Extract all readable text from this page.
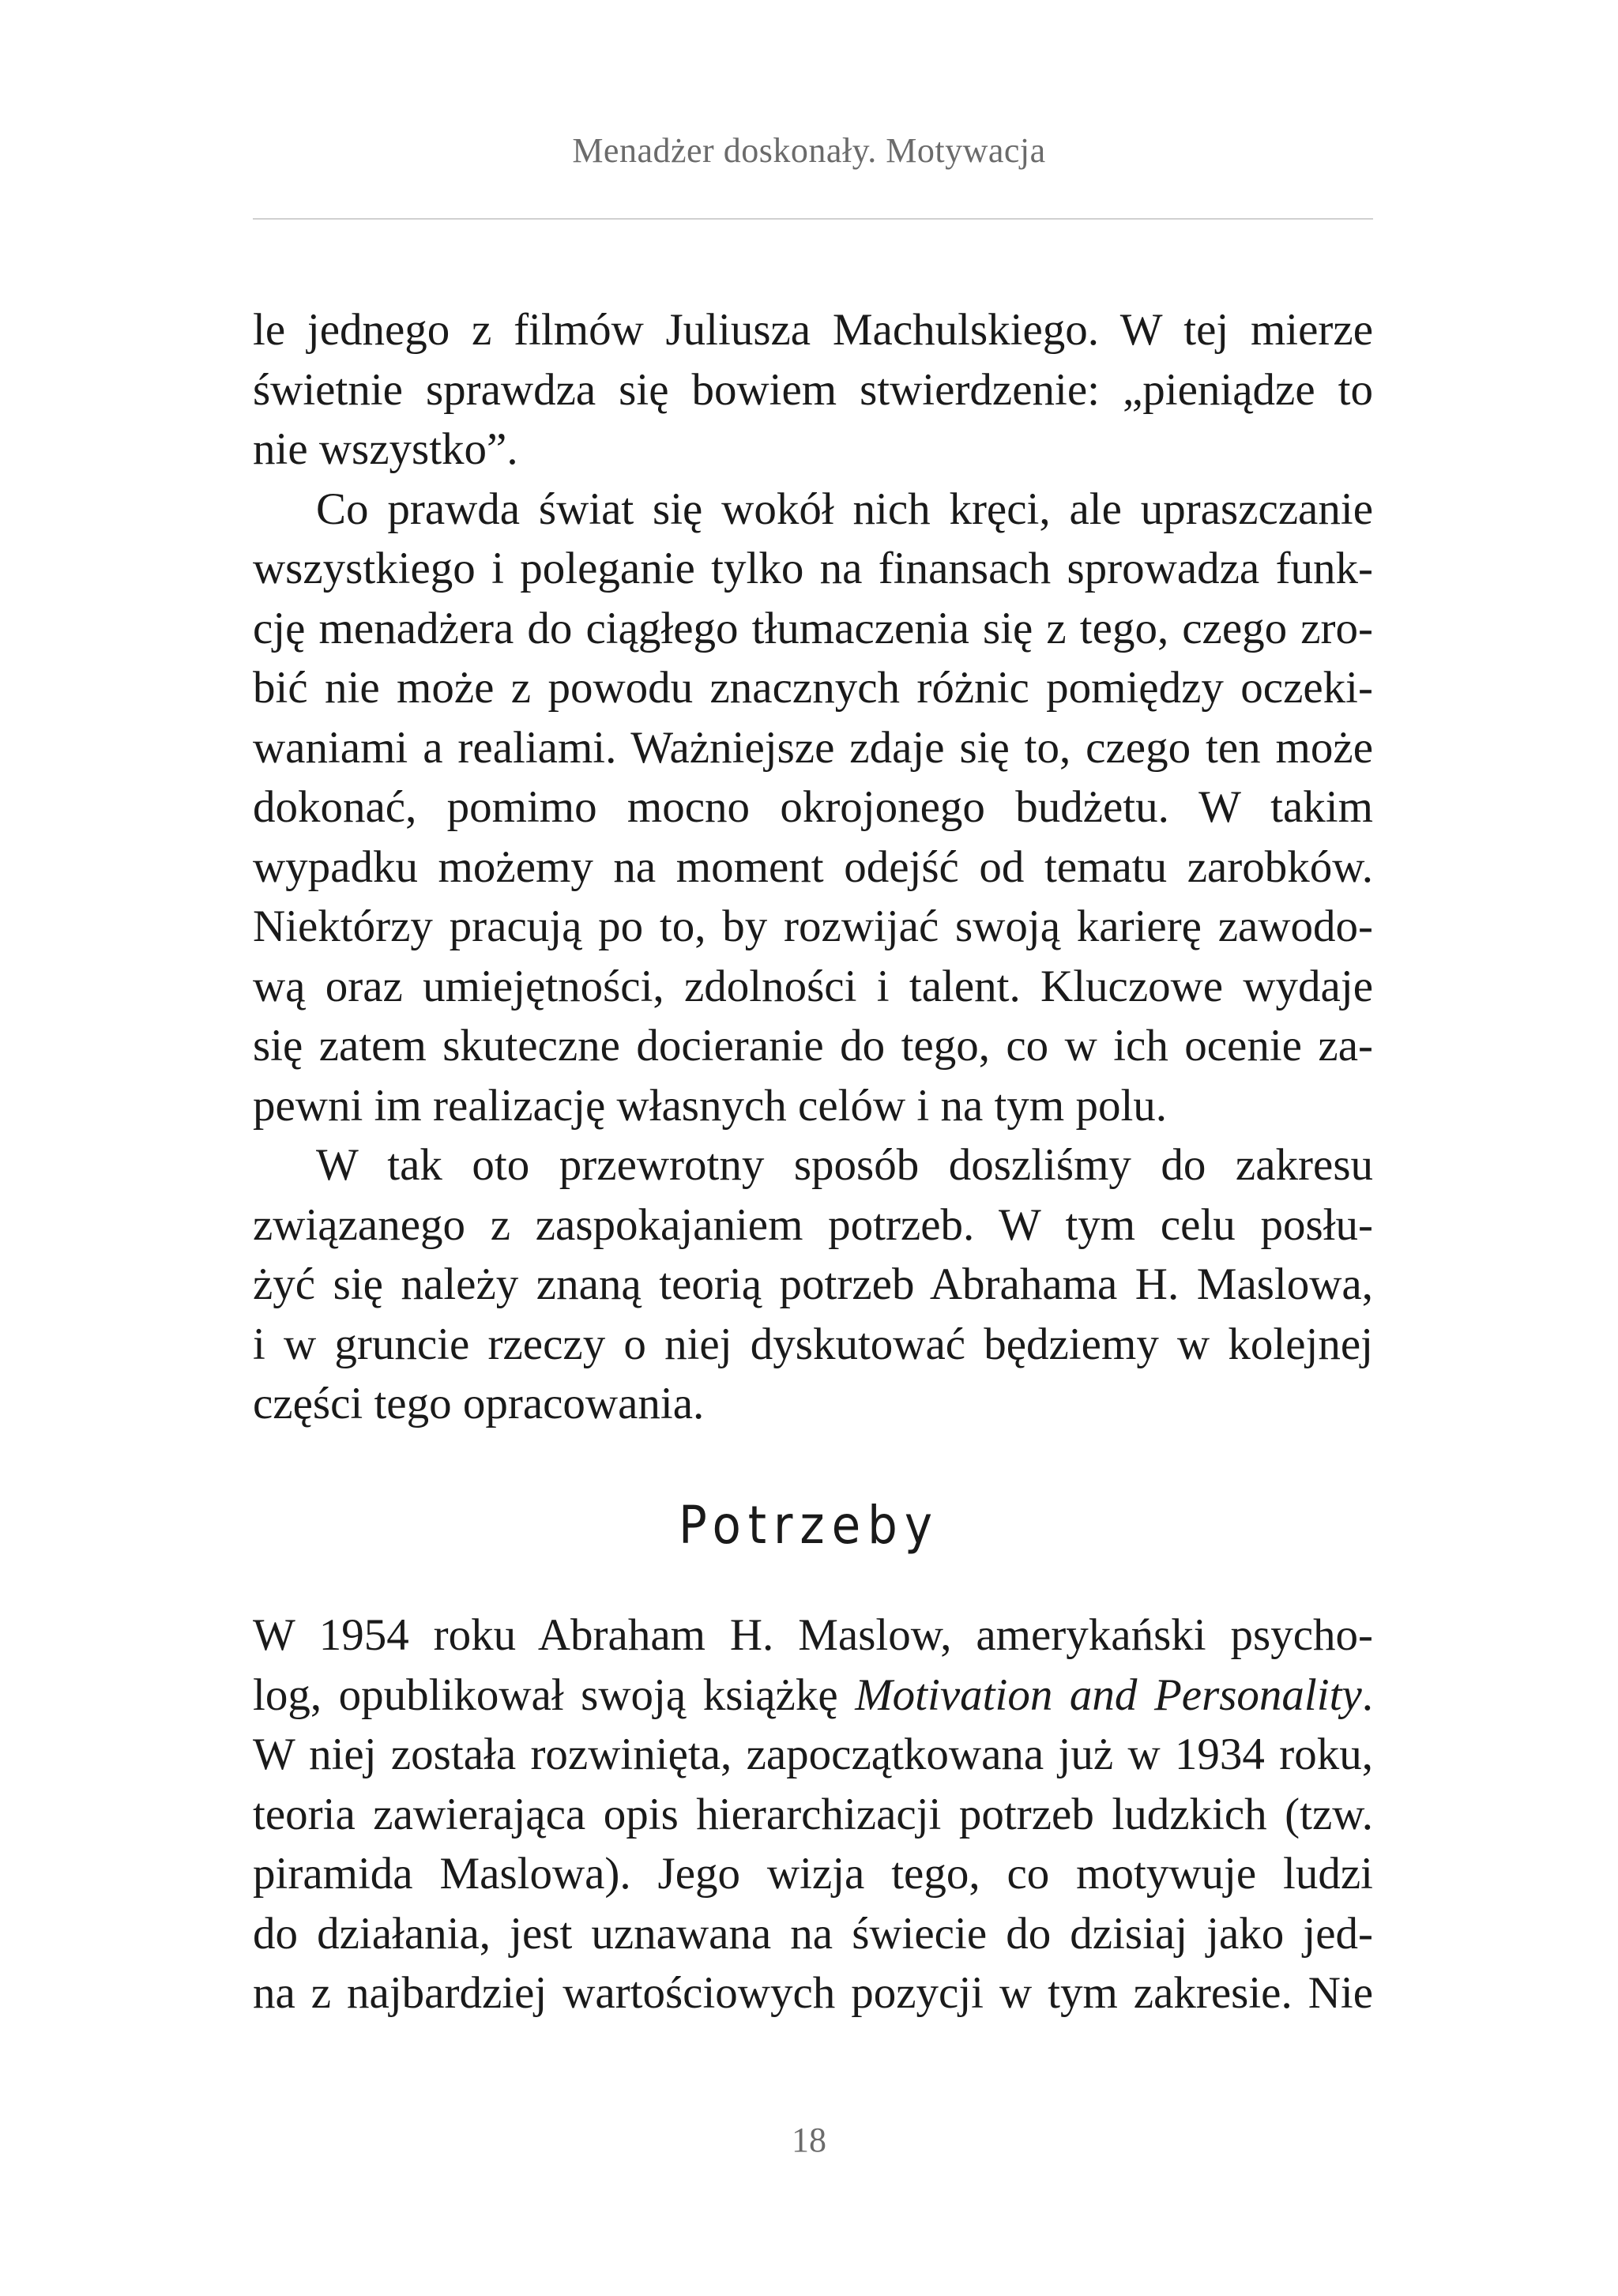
Menadżer doskonały. Motywacja
le jednego z filmów Juliusza Machulskiego. W tej mierze
świetnie sprawdza się bowiem stwierdzenie: „pieniądze to
nie wszystko”.
Co prawda świat się wokół nich kręci, ale upraszczanie
wszystkiego i poleganie tylko na finansach sprowadza funk-
cję menadżera do ciągłego tłumaczenia się z tego, czego zro-
bić nie może z powodu znacznych różnic pomiędzy oczeki-
waniami a realiami. Ważniejsze zdaje się to, czego ten może
dokonać, pomimo mocno okrojonego budżetu. W takim
wypadku możemy na moment odejść od tematu zarobków.
Niektórzy pracują po to, by rozwijać swoją karierę zawodo-
wą oraz umiejętności, zdolności i talent. Kluczowe wydaje
się zatem skuteczne docieranie do tego, co w ich ocenie za-
pewni im realizację własnych celów i na tym polu.
W tak oto przewrotny sposób doszliśmy do zakresu
związanego z zaspokajaniem potrzeb. W tym celu posłu-
żyć się należy znaną teorią potrzeb Abrahama H. Maslowa,
i w gruncie rzeczy o niej dyskutować będziemy w kolejnej
części tego opracowania.
Potrzeby
W 1954 roku Abraham H. Maslow, amerykański psycho-
log, opublikował swoją książkę Motivation and Personality.
W niej została rozwinięta, zapoczątkowana już w 1934 roku,
teoria zawierająca opis hierarchizacji potrzeb ludzkich (tzw.
piramida Maslowa). Jego wizja tego, co motywuje ludzi
do działania, jest uznawana na świecie do dzisiaj jako jed-
na z najbardziej wartościowych pozycji w tym zakresie. Nie
18
